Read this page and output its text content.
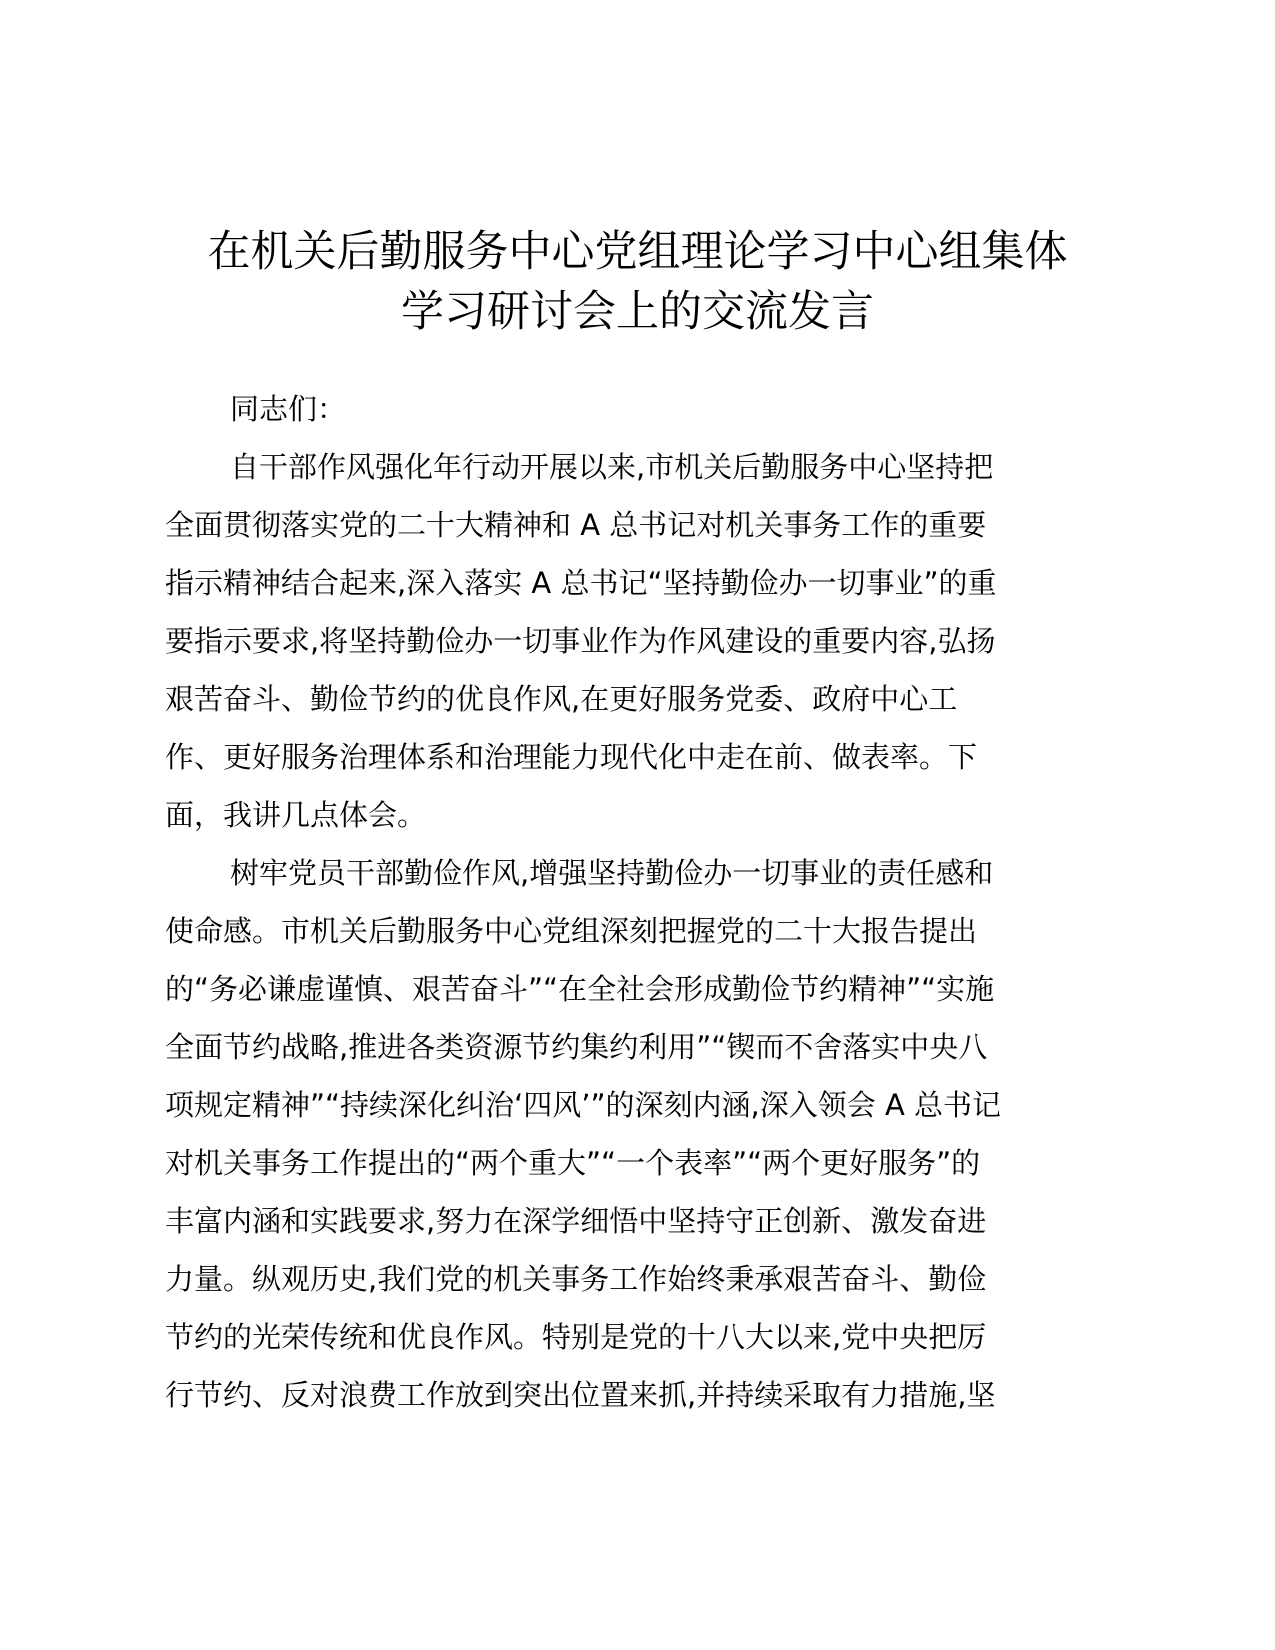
在机关后勤服务中心党组理论学习中心组集体
学习研讨会上的交流发言
同志们：
自干部作风强化年行动开展以来,市机关后勤服务中心坚持把
全面贯彻落实党的二十大精神和 A 总书记对机关事务工作的重要
指示精神结合起来,深入落实 A 总书记“坚持勤俭办一切事业”的重
要指示要求,将坚持勤俭办一切事业作为作风建设的重要内容,弘扬
艰苦奋斗、勤俭节约的优良作风,在更好服务党委、政府中心工
作、更好服务治理体系和治理能力现代化中走在前、做表率。下
面，我讲几点体会。
树牢党员干部勤俭作风,增强坚持勤俭办一切事业的责任感和
使命感。市机关后勤服务中心党组深刻把握党的二十大报告提出
的“务必谦虚谨慎、艰苦奋斗”“在全社会形成勤俭节约精神”“实施
全面节约战略,推进各类资源节约集约利用”“锲而不舍落实中央八
项规定精神”“持续深化纠治‘四风’”的深刻内涵,深入领会 A 总书记
对机关事务工作提出的“两个重大”“一个表率”“两个更好服务”的
丰富内涵和实践要求,努力在深学细悟中坚持守正创新、激发奋进
力量。纵观历史,我们党的机关事务工作始终秉承艰苦奋斗、勤俭
节约的光荣传统和优良作风。特别是党的十八大以来,党中央把厉
行节约、反对浪费工作放到突出位置来抓,并持续采取有力措施,坚
